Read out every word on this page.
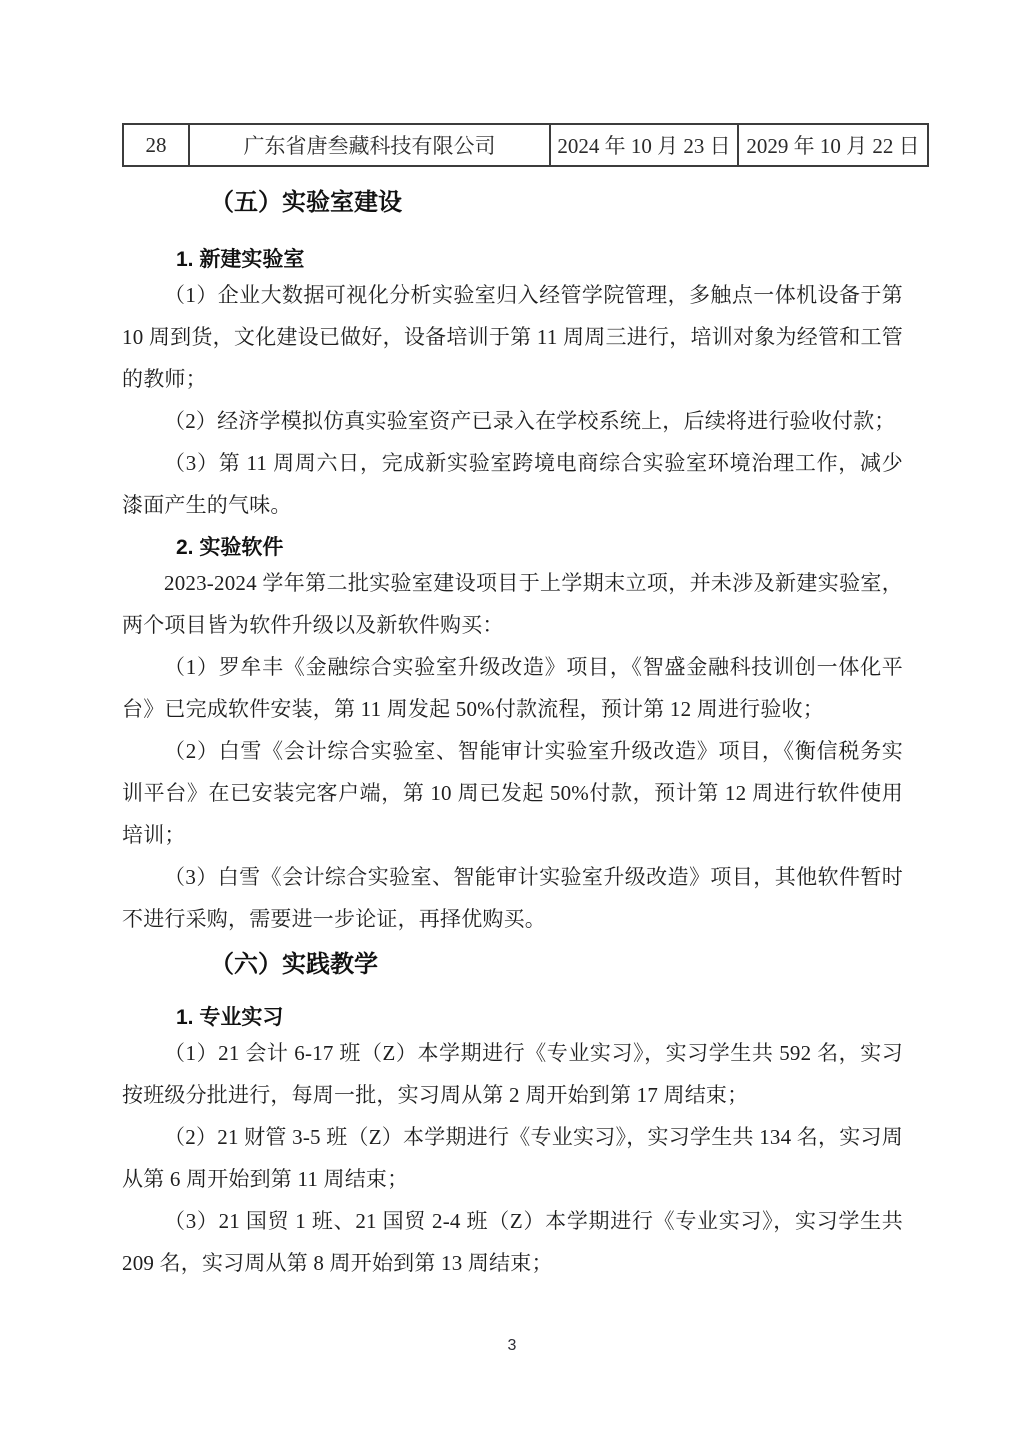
28	广东省唐叁藏科技有限公司	2024 年 10 月 23 日	2029 年 10 月 22 日
（五）实验室建设
1. 新建实验室

（1）企业大数据可视化分析实验室归入经管学院管理，多触点一体机设备于第 10 周到货，文化建设已做好，设备培训于第 11 周周三进行，培训对象为经管和工管的教师；

（2）经济学模拟仿真实验室资产已录入在学校系统上，后续将进行验收付款；

（3）第 11 周周六日，完成新实验室跨境电商综合实验室环境治理工作，减少漆面产生的气味。

2. 实验软件

2023-2024 学年第二批实验室建设项目于上学期末立项，并未涉及新建实验室，两个项目皆为软件升级以及新软件购买：

（1）罗牟丰《金融综合实验室升级改造》项目，《智盛金融科技训创一体化平台》已完成软件安装，第 11 周发起 50%付款流程，预计第 12 周进行验收；

（2）白雪《会计综合实验室、智能审计实验室升级改造》项目，《衡信税务实训平台》在已安装完客户端，第 10 周已发起 50%付款，预计第 12 周进行软件使用培训；

（3）白雪《会计综合实验室、智能审计实验室升级改造》项目，其他软件暂时不进行采购，需要进一步论证，再择优购买。

（六）实践教学
1. 专业实习

（1）21 会计 6-17 班（Z）本学期进行《专业实习》，实习学生共 592 名，实习按班级分批进行，每周一批，实习周从第 2 周开始到第 17 周结束；

（2）21 财管 3-5 班（Z）本学期进行《专业实习》，实习学生共 134 名，实习周从第 6 周开始到第 11 周结束；

（3）21 国贸 1 班、21 国贸 2-4 班（Z）本学期进行《专业实习》，实习学生共 209 名，实习周从第 8 周开始到第 13 周结束；

3
